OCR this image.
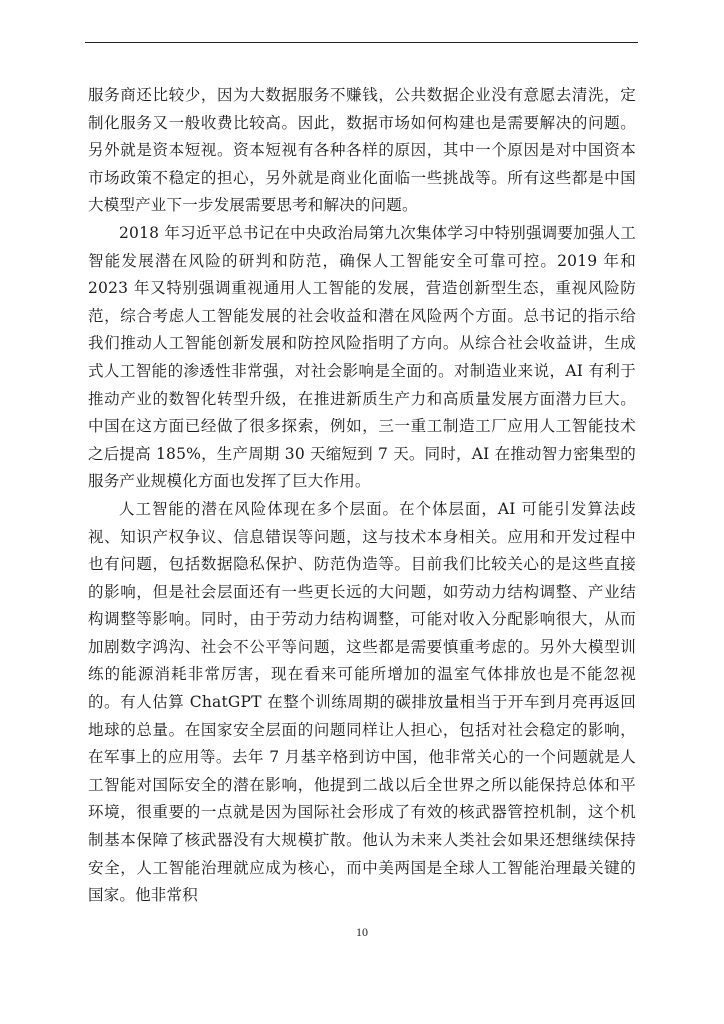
服务商还比较少，因为大数据服务不赚钱，公共数据企业没有意愿去清洗，定制化服务又一般收费比较高。因此，数据市场如何构建也是需要解决的问题。另外就是资本短视。资本短视有各种各样的原因，其中一个原因是对中国资本市场政策不稳定的担心，另外就是商业化面临一些挑战等。所有这些都是中国大模型产业下一步发展需要思考和解决的问题。

2018 年习近平总书记在中央政治局第九次集体学习中特别强调要加强人工智能发展潜在风险的研判和防范，确保人工智能安全可靠可控。2019 年和 2023 年又特别强调重视通用人工智能的发展，营造创新型生态，重视风险防范，综合考虑人工智能发展的社会收益和潜在风险两个方面。总书记的指示给我们推动人工智能创新发展和防控风险指明了方向。从综合社会收益讲，生成式人工智能的渗透性非常强，对社会影响是全面的。对制造业来说，AI 有利于推动产业的数智化转型升级，在推进新质生产力和高质量发展方面潜力巨大。中国在这方面已经做了很多探索，例如，三一重工制造工厂应用人工智能技术之后提高 185%，生产周期 30 天缩短到 7 天。同时，AI 在推动智力密集型的服务产业规模化方面也发挥了巨大作用。

人工智能的潜在风险体现在多个层面。在个体层面，AI 可能引发算法歧视、知识产权争议、信息错误等问题，这与技术本身相关。应用和开发过程中也有问题，包括数据隐私保护、防范伪造等。目前我们比较关心的是这些直接的影响，但是社会层面还有一些更长远的大问题，如劳动力结构调整、产业结构调整等影响。同时，由于劳动力结构调整，可能对收入分配影响很大，从而加剧数字鸿沟、社会不公平等问题，这些都是需要慎重考虑的。另外大模型训练的能源消耗非常厉害，现在看来可能所增加的温室气体排放也是不能忽视的。有人估算 ChatGPT 在整个训练周期的碳排放量相当于开车到月亮再返回地球的总量。在国家安全层面的问题同样让人担心，包括对社会稳定的影响，在军事上的应用等。去年 7 月基辛格到访中国，他非常关心的一个问题就是人工智能对国际安全的潜在影响，他提到二战以后全世界之所以能保持总体和平环境，很重要的一点就是因为国际社会形成了有效的核武器管控机制，这个机制基本保障了核武器没有大规模扩散。他认为未来人类社会如果还想继续保持安全，人工智能治理就应成为核心，而中美两国是全球人工智能治理最关键的国家。他非常积

10
